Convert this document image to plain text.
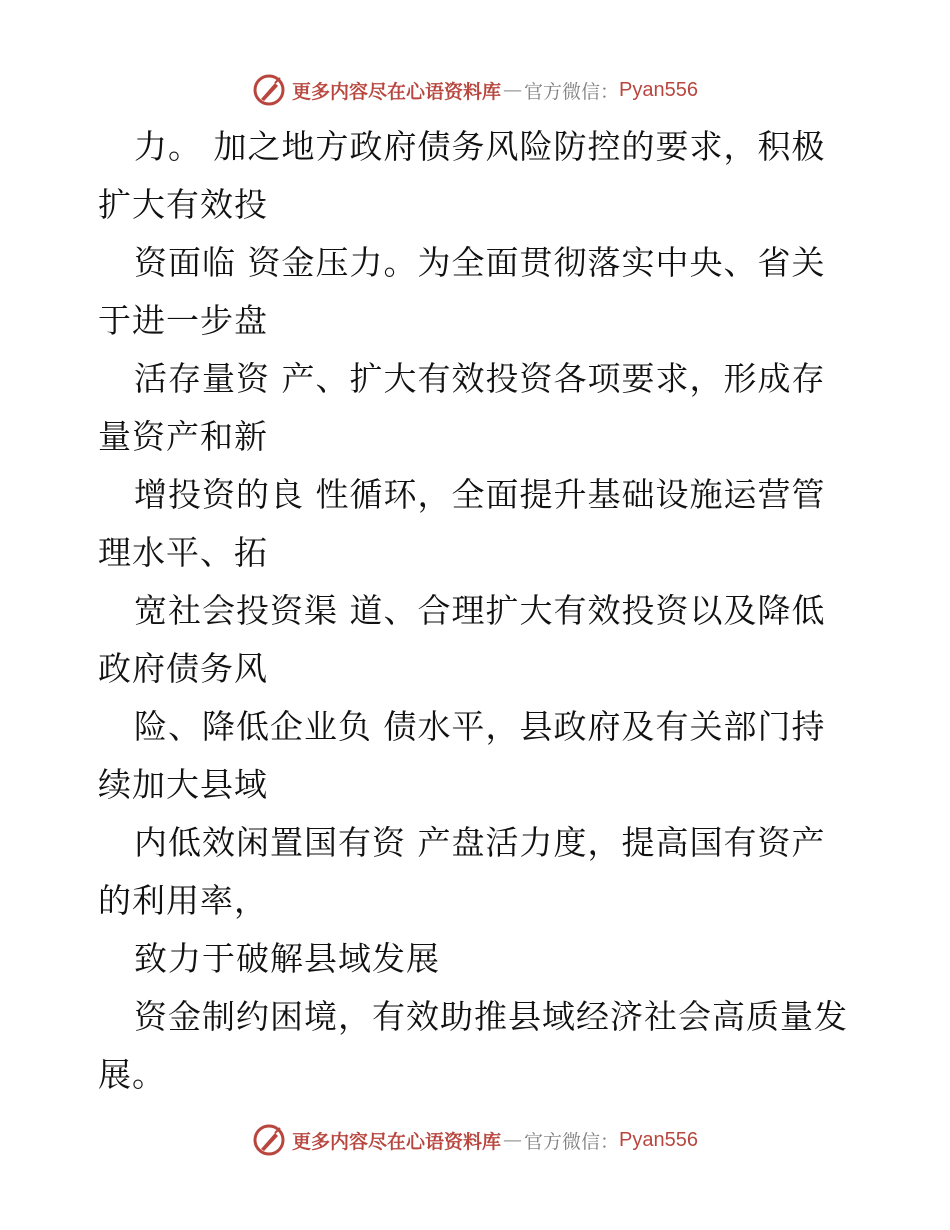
更多内容尽在心语资料库 — 官方微信： Pyan556
力。 加之地方政府债务风险防控的要求，积极
扩大有效投
资面临 资金压力。为全面贯彻落实中央、省关
于进一步盘
活存量资 产、扩大有效投资各项要求，形成存
量资产和新
增投资的良 性循环，全面提升基础设施运营管
理水平、拓
宽社会投资渠 道、合理扩大有效投资以及降低
政府债务风
险、降低企业负 债水平，县政府及有关部门持
续加大县域
内低效闲置国有资 产盘活力度，提高国有资产
的利用率，
致力于破解县域发展
资金制约困境，有效助推县域经济社会高质量发
展。
更多内容尽在心语资料库 — 官方微信： Pyan556
